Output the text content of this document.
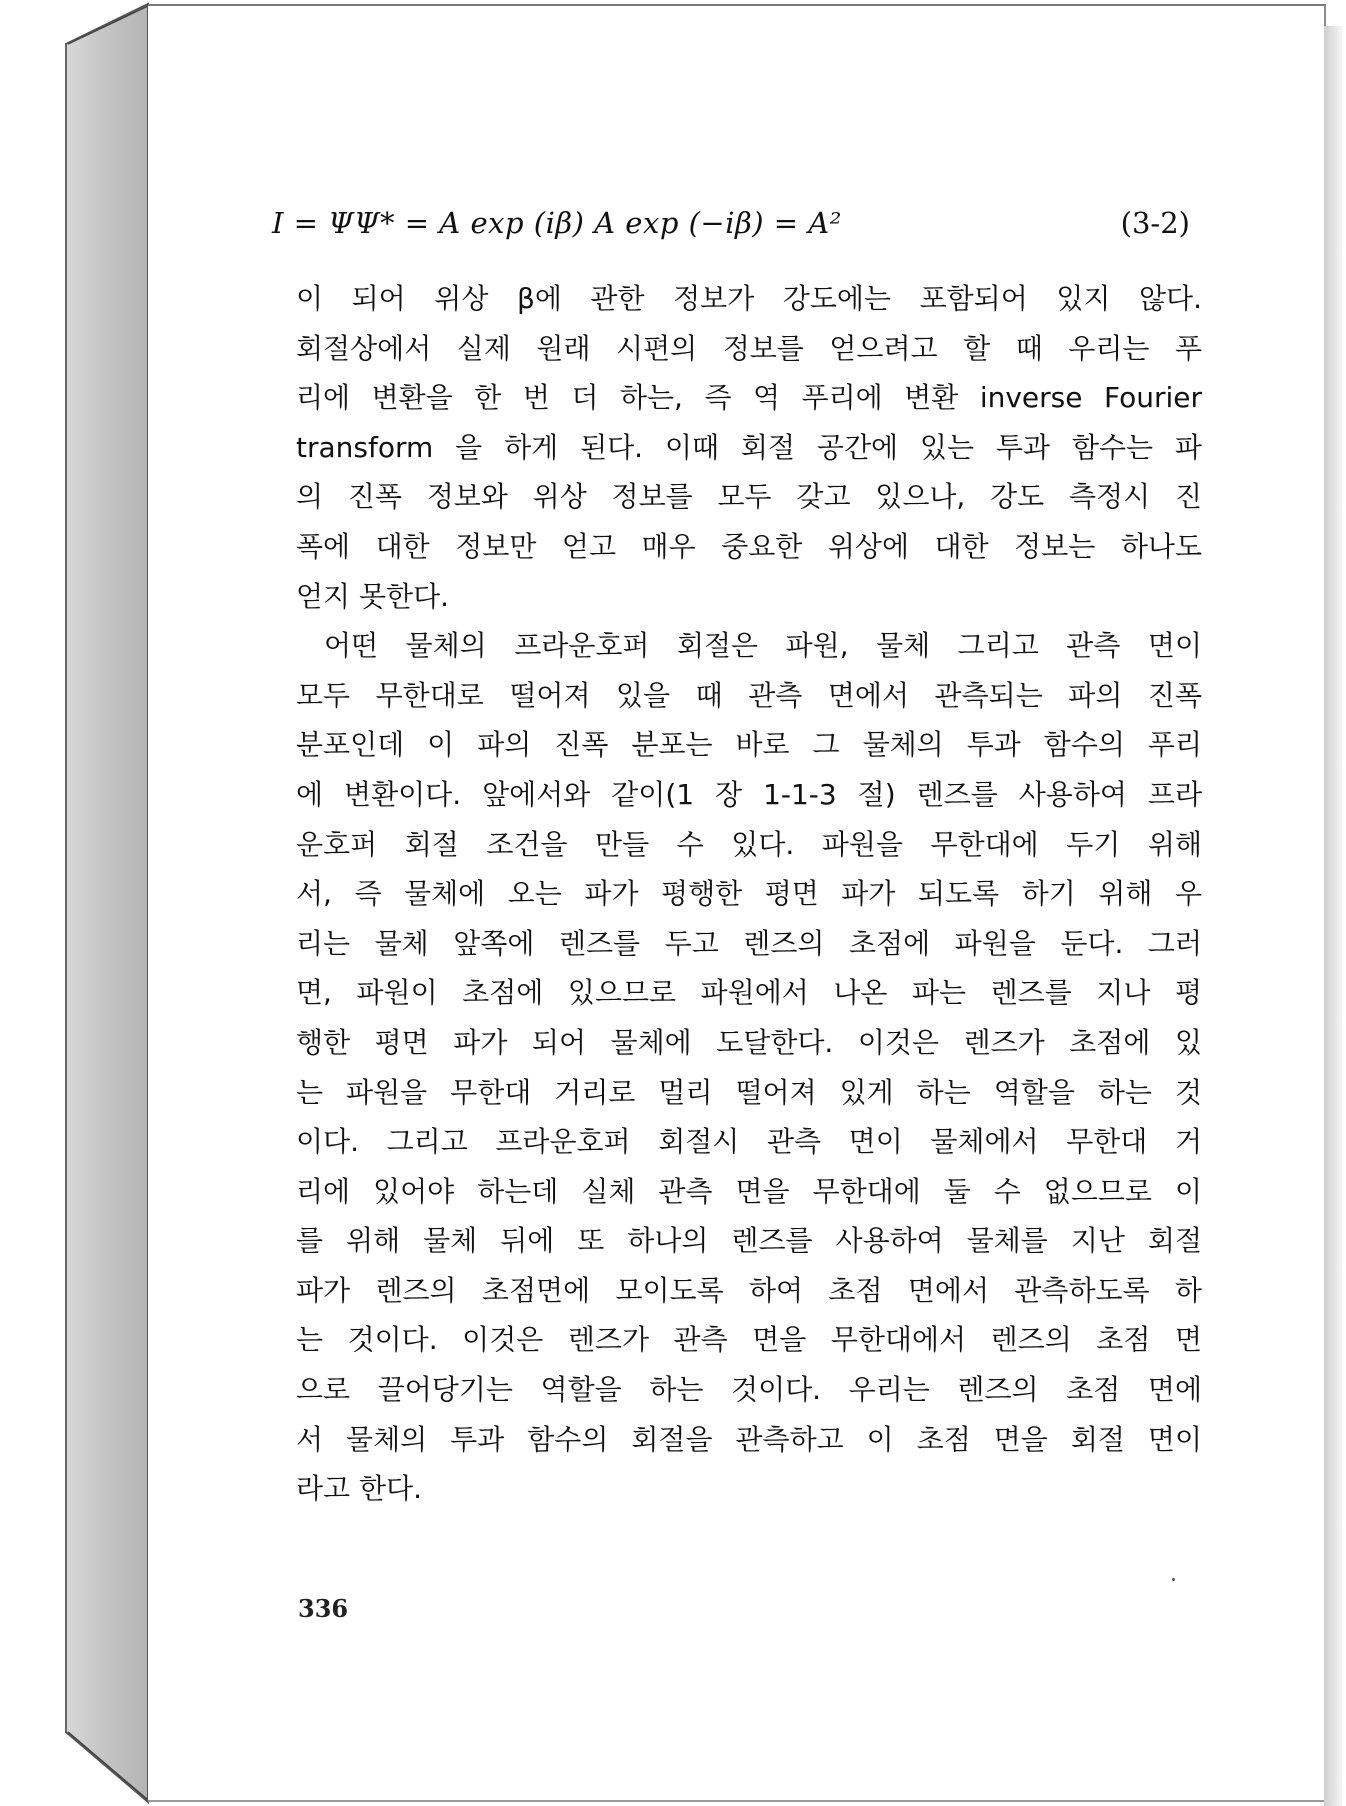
I = ΨΨ* = A exp (iβ) A exp (−iβ) = A²	(3-2)
이 되어 위상 β에 관한 정보가 강도에는 포함되어 있지 않다.
회절상에서 실제 원래 시편의 정보를 얻으려고 할 때 우리는 푸
리에 변환을 한 번 더 하는, 즉 역 푸리에 변환 inverse Fourier
transform 을 하게 된다. 이때 회절 공간에 있는 투과 함수는 파
의 진폭 정보와 위상 정보를 모두 갖고 있으나, 강도 측정시 진
폭에 대한 정보만 얻고 매우 중요한 위상에 대한 정보는 하나도
얻지 못한다.
어떤 물체의 프라운호퍼 회절은 파원, 물체 그리고 관측 면이
모두 무한대로 떨어져 있을 때 관측 면에서 관측되는 파의 진폭
분포인데 이 파의 진폭 분포는 바로 그 물체의 투과 함수의 푸리
에 변환이다. 앞에서와 같이(1 장 1-1-3 절) 렌즈를 사용하여 프라
운호퍼 회절 조건을 만들 수 있다. 파원을 무한대에 두기 위해
서, 즉 물체에 오는 파가 평행한 평면 파가 되도록 하기 위해 우
리는 물체 앞쪽에 렌즈를 두고 렌즈의 초점에 파원을 둔다. 그러
면, 파원이 초점에 있으므로 파원에서 나온 파는 렌즈를 지나 평
행한 평면 파가 되어 물체에 도달한다. 이것은 렌즈가 초점에 있
는 파원을 무한대 거리로 멀리 떨어져 있게 하는 역할을 하는 것
이다. 그리고 프라운호퍼 회절시 관측 면이 물체에서 무한대 거
리에 있어야 하는데 실체 관측 면을 무한대에 둘 수 없으므로 이
를 위해 물체 뒤에 또 하나의 렌즈를 사용하여 물체를 지난 회절
파가 렌즈의 초점면에 모이도록 하여 초점 면에서 관측하도록 하
는 것이다. 이것은 렌즈가 관측 면을 무한대에서 렌즈의 초점 면
으로 끌어당기는 역할을 하는 것이다. 우리는 렌즈의 초점 면에
서 물체의 투과 함수의 회절을 관측하고 이 초점 면을 회절 면이
라고 한다.
336
